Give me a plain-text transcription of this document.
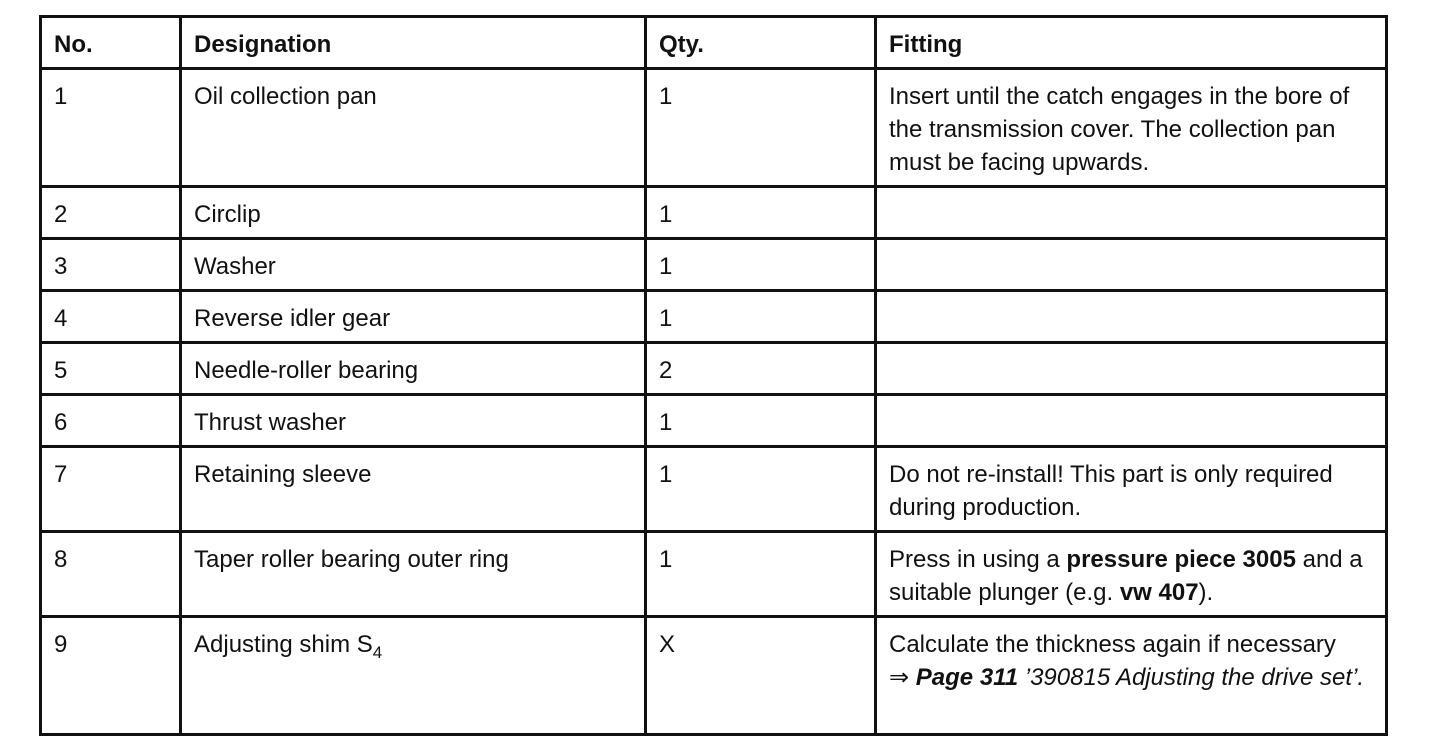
No.	Designation	Qty.	Fitting
1	Oil collection pan	1	Insert until the catch engages in the bore of the transmission cover. The collection pan must be facing upwards.
2	Circlip	1	
3	Washer	1	
4	Reverse idler gear	1	
5	Needle-roller bearing	2	
6	Thrust washer	1	
7	Retaining sleeve	1	Do not re-install! This part is only required during production.
8	Taper roller bearing outer ring	1	Press in using a pressure piece 3005 and a suitable plunger (e.g. vw 407).
9	Adjusting shim $S_4$	X	Calculate the thickness again if necessary
⇒ Page 311 ’390815 Adjusting the drive set’.
